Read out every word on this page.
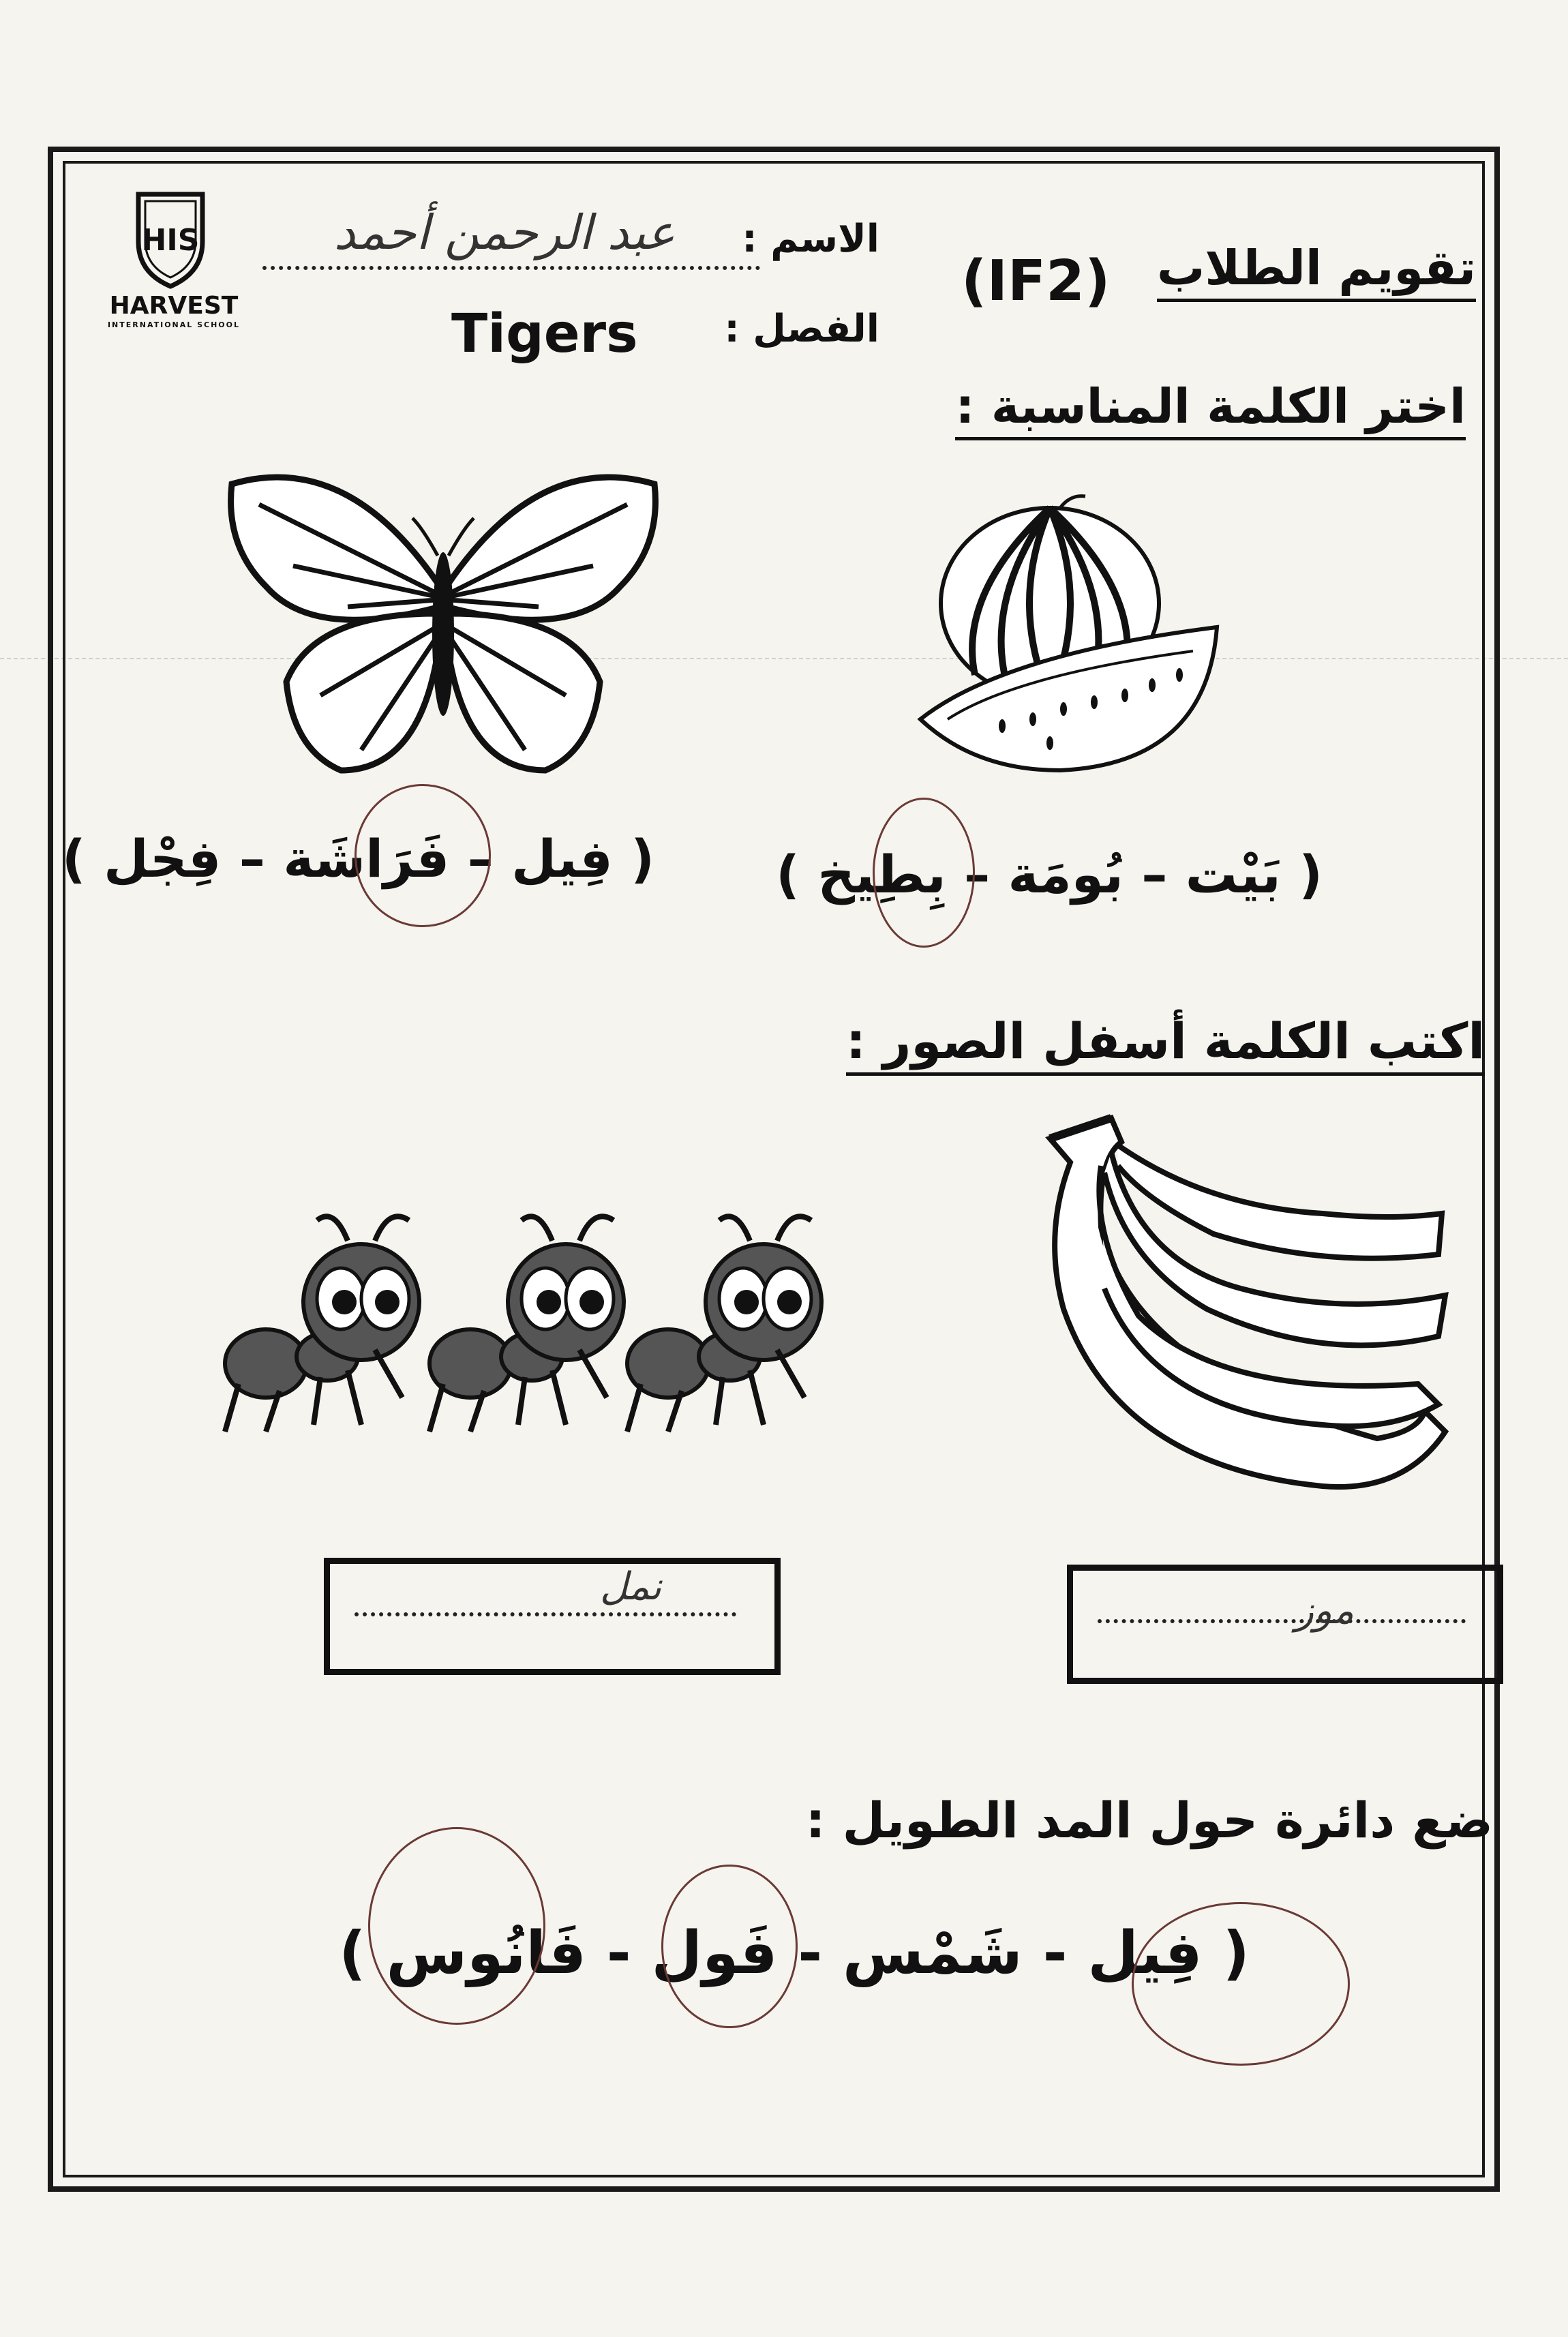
HIS
HARVEST
INTERNATIONAL SCHOOL
تقويم الطلاب
(IF2)
الاسم :
عبد الرحمن أحمد
الفصل :
Tigers
اختر الكلمة المناسبة :
( بَيْت – بُومَة – بِطِيخ )
( فِيل – فَرَاشَة – فِجْل )
اكتب الكلمة أسفل الصور :
موز
نمل
ضع دائرة حول المد الطويل :
( فِيل - شَمْس - فَول - فَانُوس )
